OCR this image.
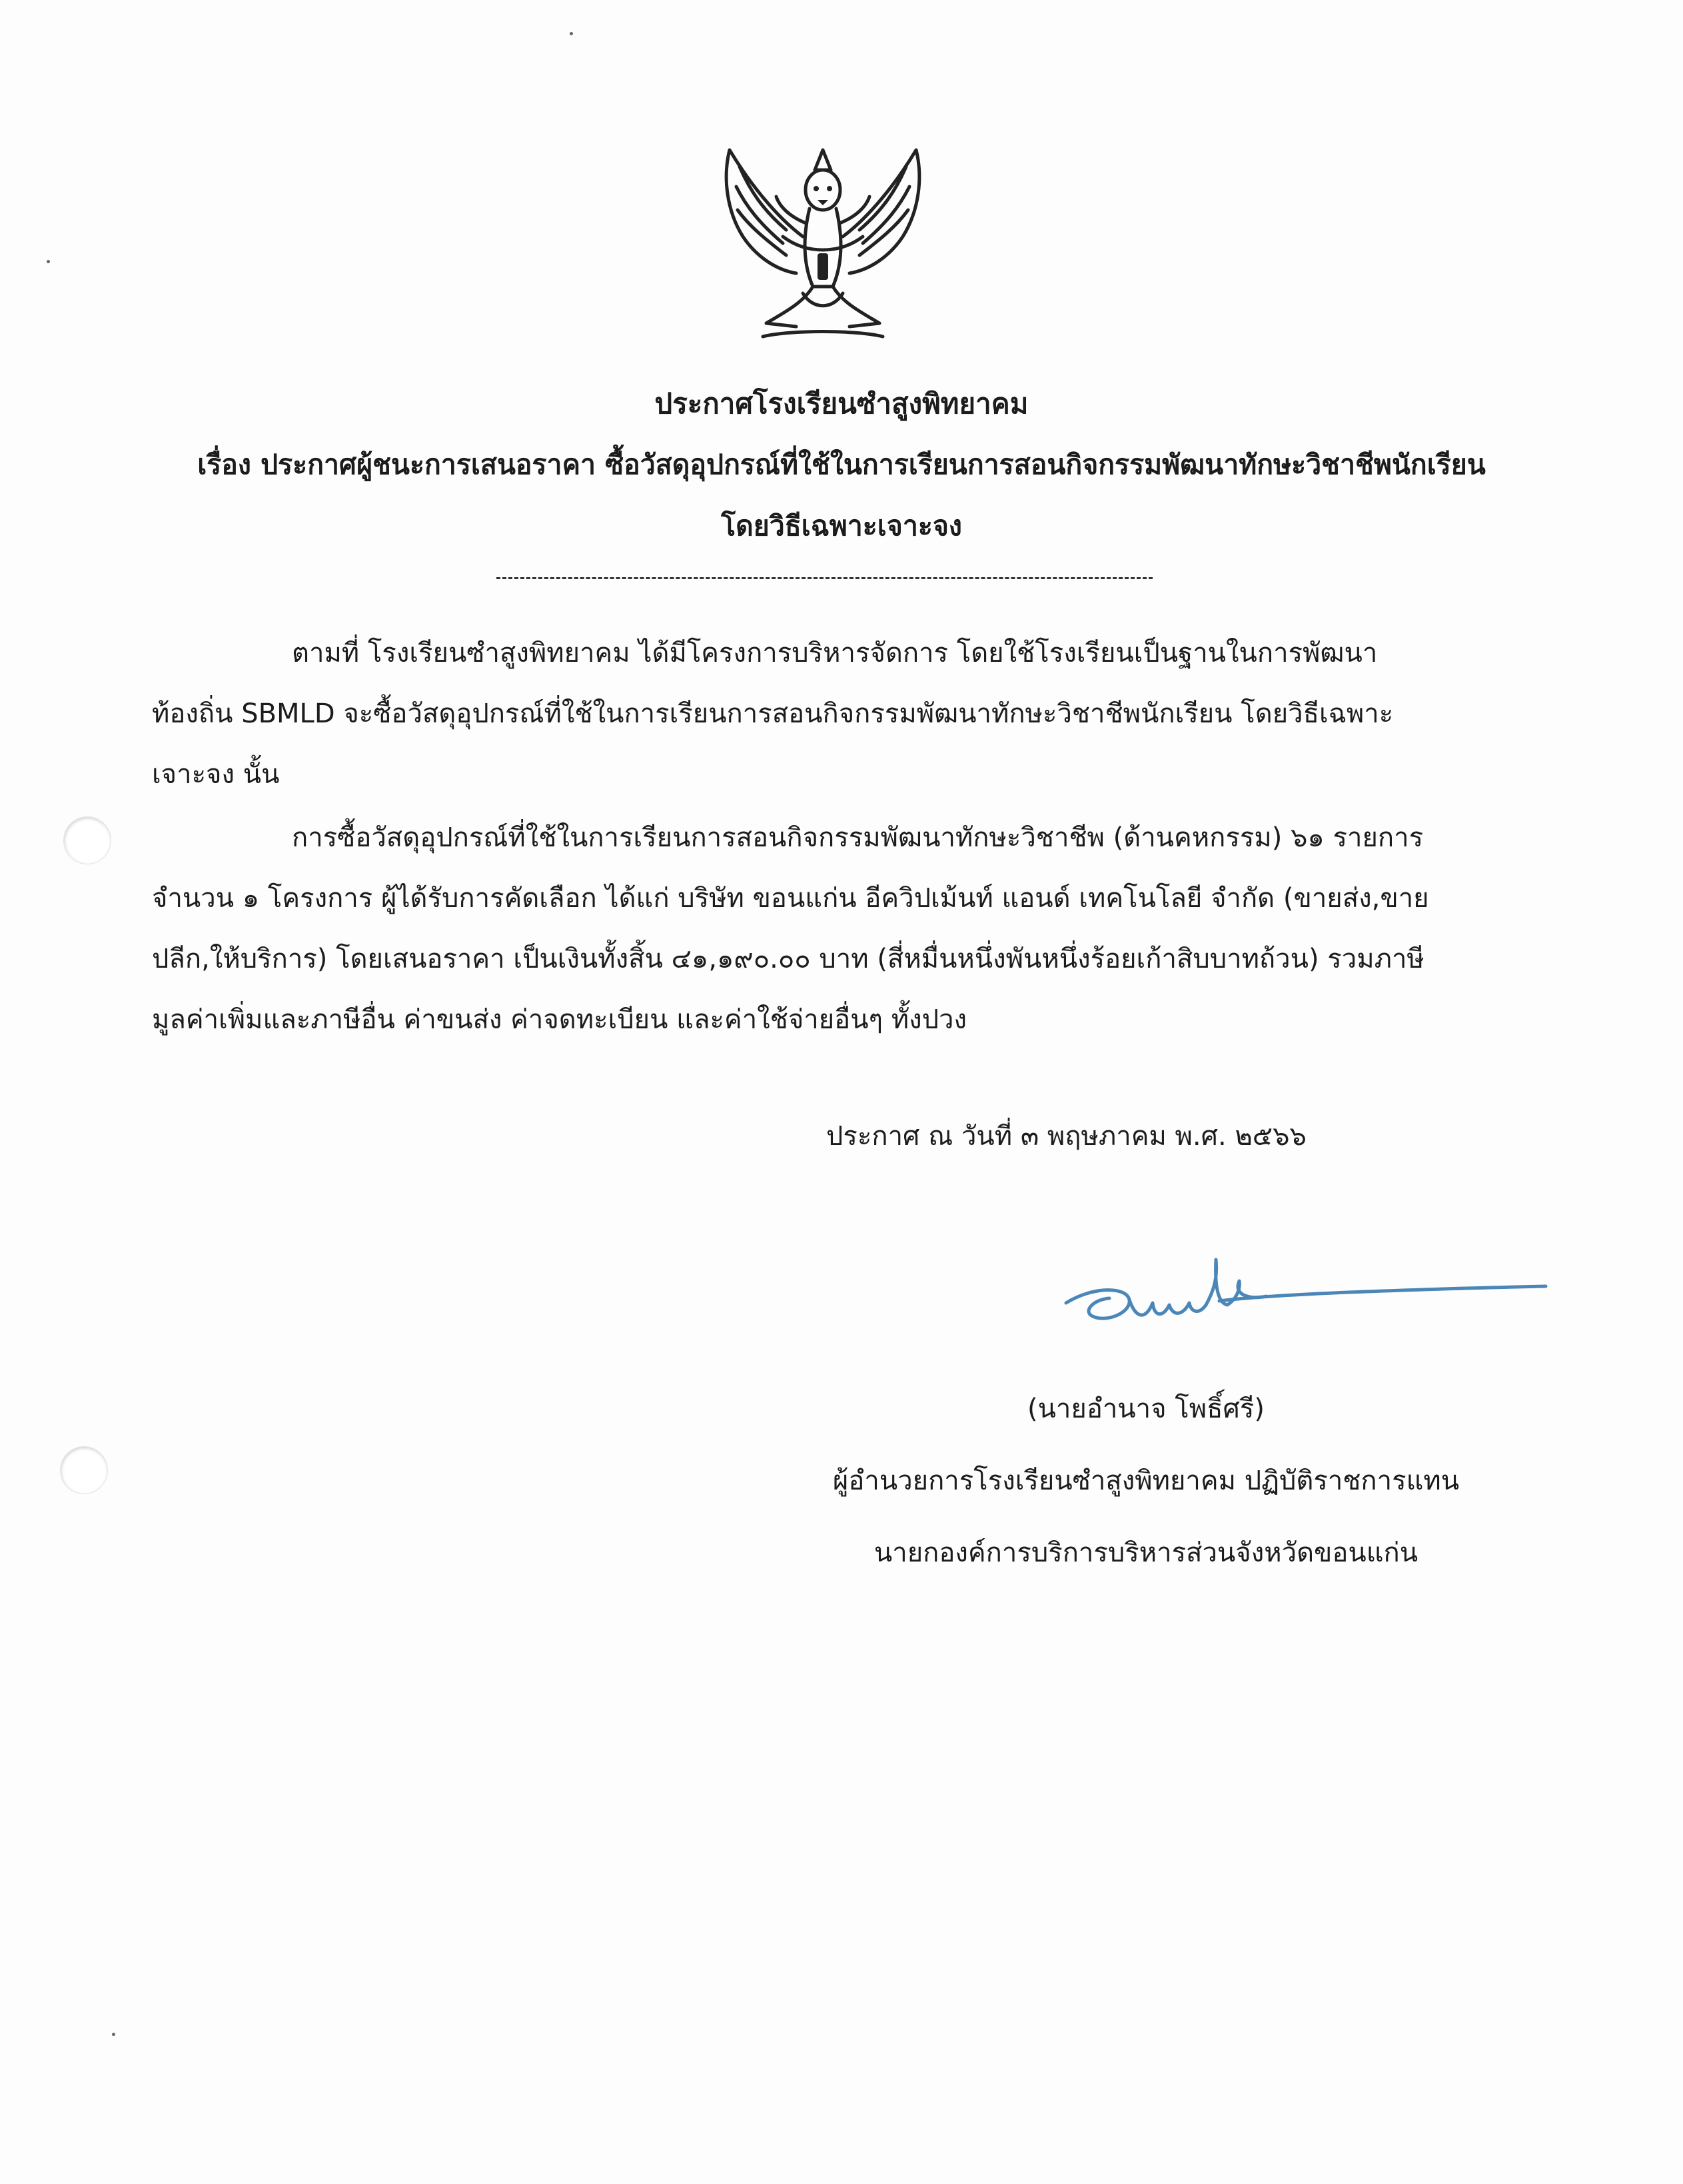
ประกาศโรงเรียนซำสูงพิทยาคม
เรื่อง ประกาศผู้ชนะการเสนอราคา ซื้อวัสดุอุปกรณ์ที่ใช้ในการเรียนการสอนกิจกรรมพัฒนาทักษะวิชาชีพนักเรียน
โดยวิธีเฉพาะเจาะจง
ตามที่ โรงเรียนซำสูงพิทยาคม ได้มีโครงการบริหารจัดการ โดยใช้โรงเรียนเป็นฐานในการพัฒนา
ท้องถิ่น SBMLD จะซื้อวัสดุอุปกรณ์ที่ใช้ในการเรียนการสอนกิจกรรมพัฒนาทักษะวิชาชีพนักเรียน โดยวิธีเฉพาะ
เจาะจง นั้น
การซื้อวัสดุอุปกรณ์ที่ใช้ในการเรียนการสอนกิจกรรมพัฒนาทักษะวิชาชีพ (ด้านคหกรรม) ๖๑ รายการ
จำนวน ๑ โครงการ ผู้ได้รับการคัดเลือก ได้แก่ บริษัท ขอนแก่น อีควิปเม้นท์ แอนด์ เทคโนโลยี จำกัด (ขายส่ง,ขาย
ปลีก,ให้บริการ) โดยเสนอราคา เป็นเงินทั้งสิ้น ๔๑,๑๙๐.๐๐ บาท (สี่หมื่นหนึ่งพันหนึ่งร้อยเก้าสิบบาทถ้วน) รวมภาษี
มูลค่าเพิ่มและภาษีอื่น ค่าขนส่ง ค่าจดทะเบียน และค่าใช้จ่ายอื่นๆ ทั้งปวง
ประกาศ ณ วันที่ ๓ พฤษภาคม พ.ศ. ๒๕๖๖
(นายอำนาจ โพธิ์ศรี)
ผู้อำนวยการโรงเรียนซำสูงพิทยาคม ปฏิบัติราชการแทน
นายกองค์การบริการบริหารส่วนจังหวัดขอนแก่น
